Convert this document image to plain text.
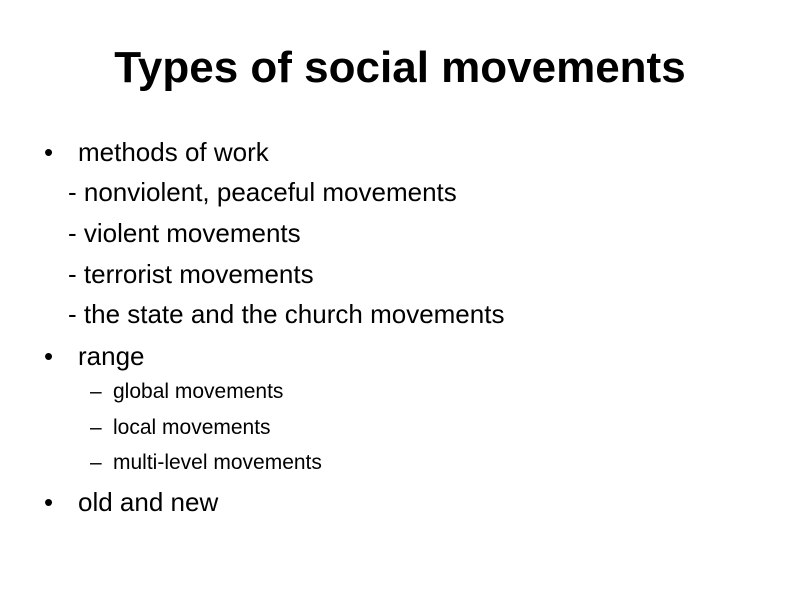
Types of social movements
• methods of work

- nonviolent, peaceful movements

- violent movements

- terrorist movements

- the state and the church movements

• range

– global movements

– local movements

– multi-level movements

• old and new
